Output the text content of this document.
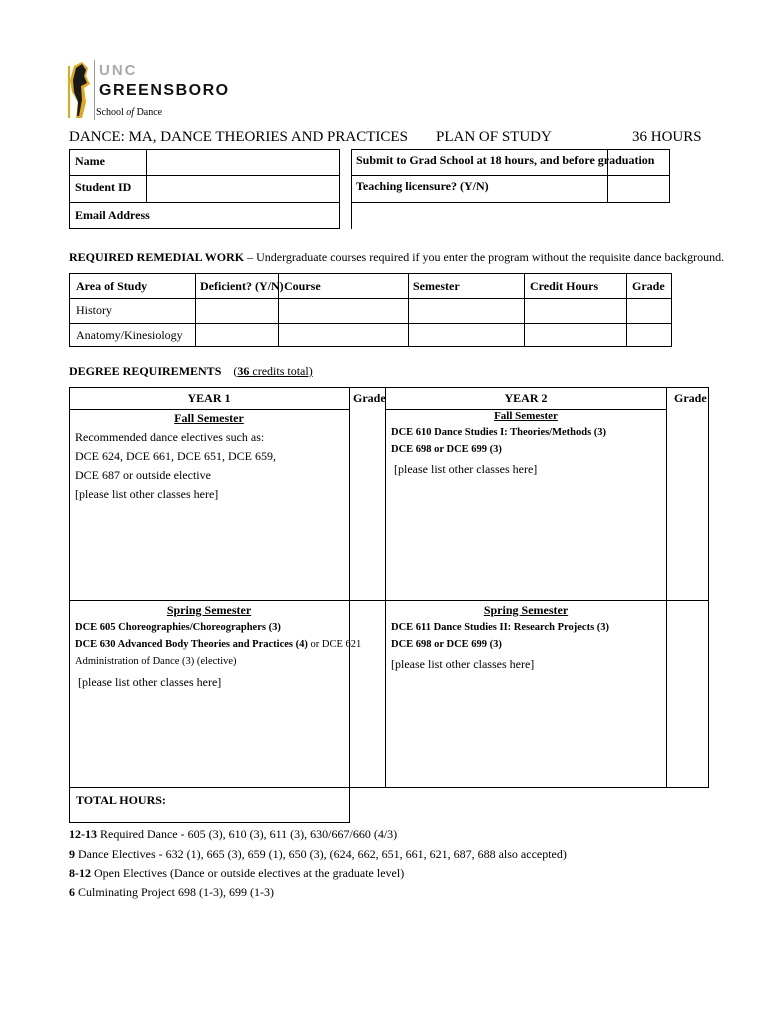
UNC
GREENSBORO
School of Dance
DANCE: MA, DANCE THEORIES AND PRACTICES PLAN OF STUDY	36 HOURS
Name
Student ID
Email Address
Submit to Grad School at 18 hours, and before graduation
Teaching licensure? (Y/N)
REQUIRED REMEDIAL WORK – Undergraduate courses required if you enter the program without the requisite dance background.
Area of Study	Deficient? (Y/N) Course	Semester	Credit Hours	Grade
History
Anatomy/Kinesiology
DEGREE REQUIREMENTS (36 credits total)
YEAR 1	Grade	YEAR 2	Grade
Fall Semester
Recommended dance electives such as:
DCE 624, DCE 661, DCE 651, DCE 659,
DCE 687 or outside elective
[please list other classes here]
Fall Semester
DCE 610 Dance Studies I: Theories/Methods (3)
DCE 698 or DCE 699 (3)
[please list other classes here]
Spring Semester
DCE 605 Choreographies/Choreographers (3)
DCE 630 Advanced Body Theories and Practices (4) or DCE 621
Administration of Dance (3) (elective)
[please list other classes here]
Spring Semester
DCE 611 Dance Studies II: Research Projects (3)
DCE 698 or DCE 699 (3)
[please list other classes here]
TOTAL HOURS:
12-13 Required Dance - 605 (3), 610 (3), 611 (3), 630/667/660 (4/3)
9 Dance Electives - 632 (1), 665 (3), 659 (1), 650 (3), (624, 662, 651, 661, 621, 687, 688 also accepted)
8-12 Open Electives (Dance or outside electives at the graduate level)
6 Culminating Project 698 (1-3), 699 (1-3)
